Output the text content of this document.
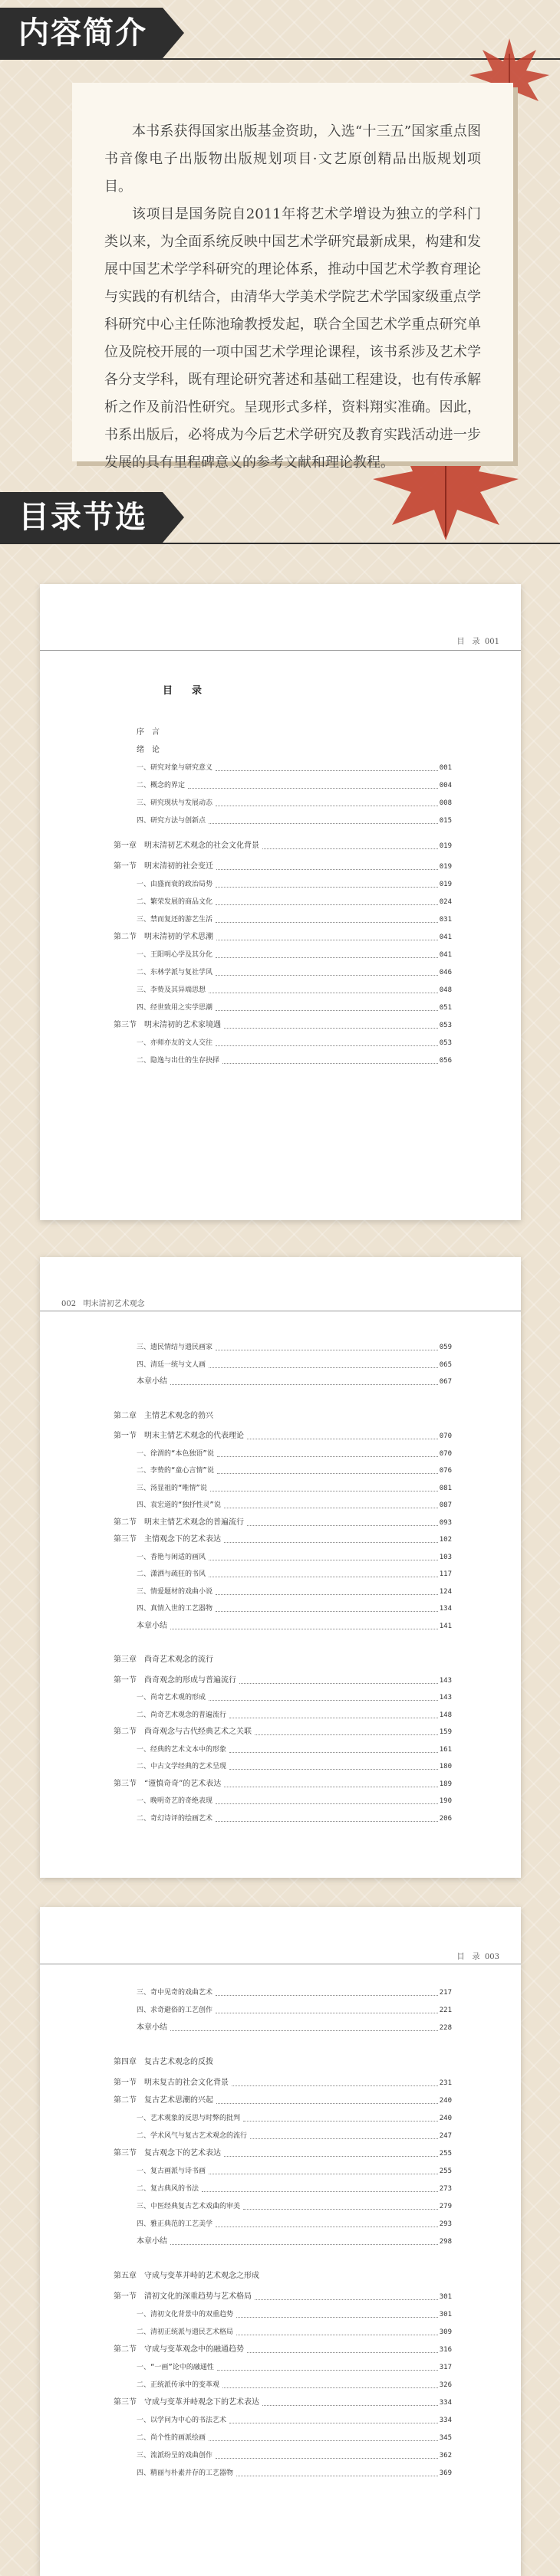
内容简介

本书系获得国家出版基金资助，入选“十三五”国家重点图书音像电子出版物出版规划项目·文艺原创精品出版规划项目。

该项目是国务院自2011年将艺术学增设为独立的学科门类以来，为全面系统反映中国艺术学研究最新成果，构建和发展中国艺术学学科研究的理论体系，推动中国艺术学教育理论与实践的有机结合，由清华大学美术学院艺术学国家级重点学科研究中心主任陈池瑜教授发起，联合全国艺术学重点研究单位及院校开展的一项中国艺术学理论课程，该书系涉及艺术学各分支学科，既有理论研究著述和基础工程建设，也有传承解析之作及前沿性研究。呈现形式多样，资料翔实准确。因此，书系出版后，必将成为今后艺术学研究及教育实践活动进一步发展的具有里程碑意义的参考文献和理论教程。

目录节选
目　录 001
目　录
序　言
绪　论
一、研究对象与研究意义	001
二、概念的界定	004
三、研究现状与发展动态	008
四、研究方法与创新点	015
第一章　明末清初艺术观念的社会文化背景	019
第一节　明末清初的社会变迁	019
一、由盛而衰的政治局势	019
二、繁荣发展的商品文化	024
三、禁而复还的游艺生活	031
第二节　明末清初的学术思潮	041
一、王阳明心学及其分化	041
二、东林学派与复社学风	046
三、李贽及其异端思想	048
四、经世致用之实学思潮	051
第三节　明末清初的艺术家境遇	053
一、亦师亦友的文人交往	053
二、隐逸与出仕的生存抉择	056
002 明末清初艺术观念
三、遗民情结与遗民画家	059
四、清廷一统与文人画	065
本章小结	067
第二章　主情艺术观念的勃兴
第一节　明末主情艺术观念的代表理论	070
一、徐渭的“本色独语”说	070
二、李贽的“童心言情”说	076
三、汤显祖的“唯情”说	081
四、袁宏道的“独抒性灵”说	087
第二节　明末主情艺术观念的普遍流行	093
第三节　主情观念下的艺术表达	102
一、香艳与闲适的画风	103
二、潇洒与疏狂的书风	117
三、情爱题材的戏曲小说	124
四、真情入世的工艺器物	134
本章小结	141
第三章　尚奇艺术观念的流行
第一节　尚奇观念的形成与普遍流行	143
一、尚奇艺术观的形成	143
二、尚奇艺术观念的普遍流行	148
第二节　尚奇观念与古代经典艺术之关联	159
一、经典的艺术文本中的形象	161
二、中古文学经典的艺术呈现	180
第三节　“谨慎奇奇”的艺术表达	189
一、晚明奇艺的奇绝表现	190
二、奇幻诗评的绘画艺术	206
目　录 003
三、奇中见奇的戏曲艺术	217
四、求奇避俗的工艺创作	221
本章小结	228
第四章　复古艺术观念的反拨
第一节　明末复古的社会文化背景	231
第二节　复古艺术思潮的兴起	240
一、艺术观象的反思与时弊的批判	240
二、学术风气与复古艺术观念的流行	247
第三节　复古观念下的艺术表达	255
一、复古画派与诗书画	255
二、复古典风的书法	273
三、中医经典复古艺术戏曲的审美	279
四、雅正典范的工艺美学	293
本章小结	298
第五章　守成与变革并峙的艺术观念之形成
第一节　清初文化的深重趋势与艺术格局	301
一、清初文化背景中的双重趋势	301
二、清初正统派与遗民艺术格局	309
第二节　守成与变革观念中的融通趋势	316
一、“一画”论中的融通性	317
二、正统派传承中的变革观	326
第三节　守成与变革并峙观念下的艺术表达	334
一、以学问为中心的书法艺术	334
二、尚个性的画派绘画	345
三、流派纷呈的戏曲创作	362
四、精丽与朴素并存的工艺器物	369
